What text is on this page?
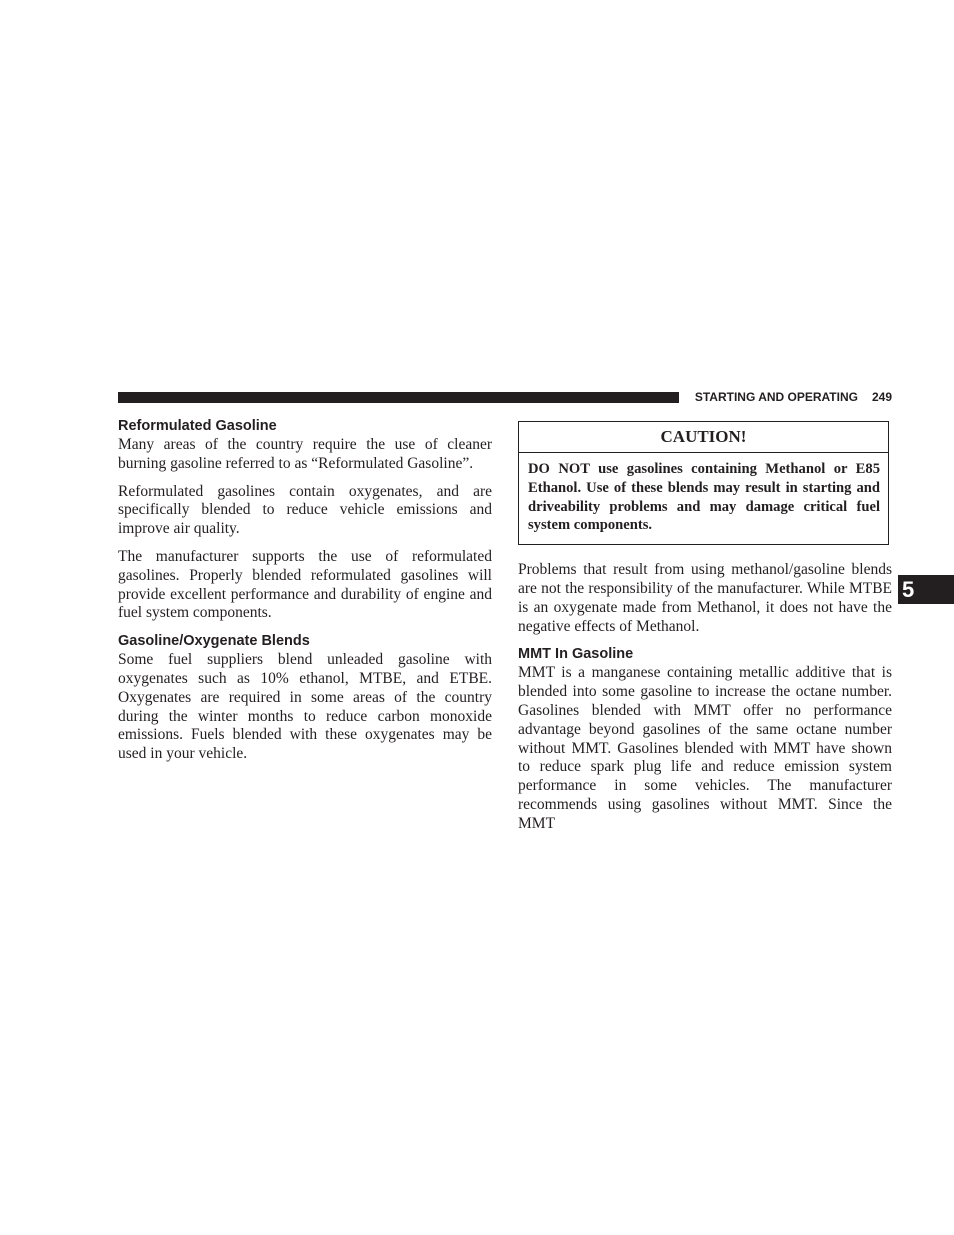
STARTING AND OPERATING 249
Reformulated Gasoline

Many areas of the country require the use of cleaner burning gasoline referred to as “Reformulated Gasoline”.

Reformulated gasolines contain oxygenates, and are specifically blended to reduce vehicle emissions and improve air quality.

The manufacturer supports the use of reformulated gasolines. Properly blended reformulated gasolines will provide excellent performance and durability of engine and fuel system components.

Gasoline/Oxygenate Blends

Some fuel suppliers blend unleaded gasoline with oxygenates such as 10% ethanol, MTBE, and ETBE. Oxygenates are required in some areas of the country during the winter months to reduce carbon monoxide emissions. Fuels blended with these oxygenates may be used in your vehicle.

CAUTION!
DO NOT use gasolines containing Methanol or E85 Ethanol. Use of these blends may result in starting and driveability problems and may damage critical fuel system components.

Problems that result from using methanol/gasoline blends are not the responsibility of the manufacturer. While MTBE is an oxygenate made from Methanol, it does not have the negative effects of Methanol.

MMT In Gasoline

MMT is a manganese containing metallic additive that is blended into some gasoline to increase the octane number. Gasolines blended with MMT offer no performance advantage beyond gasolines of the same octane number without MMT. Gasolines blended with MMT have shown to reduce spark plug life and reduce emission system performance in some vehicles. The manufacturer recommends using gasolines without MMT. Since the MMT

5
